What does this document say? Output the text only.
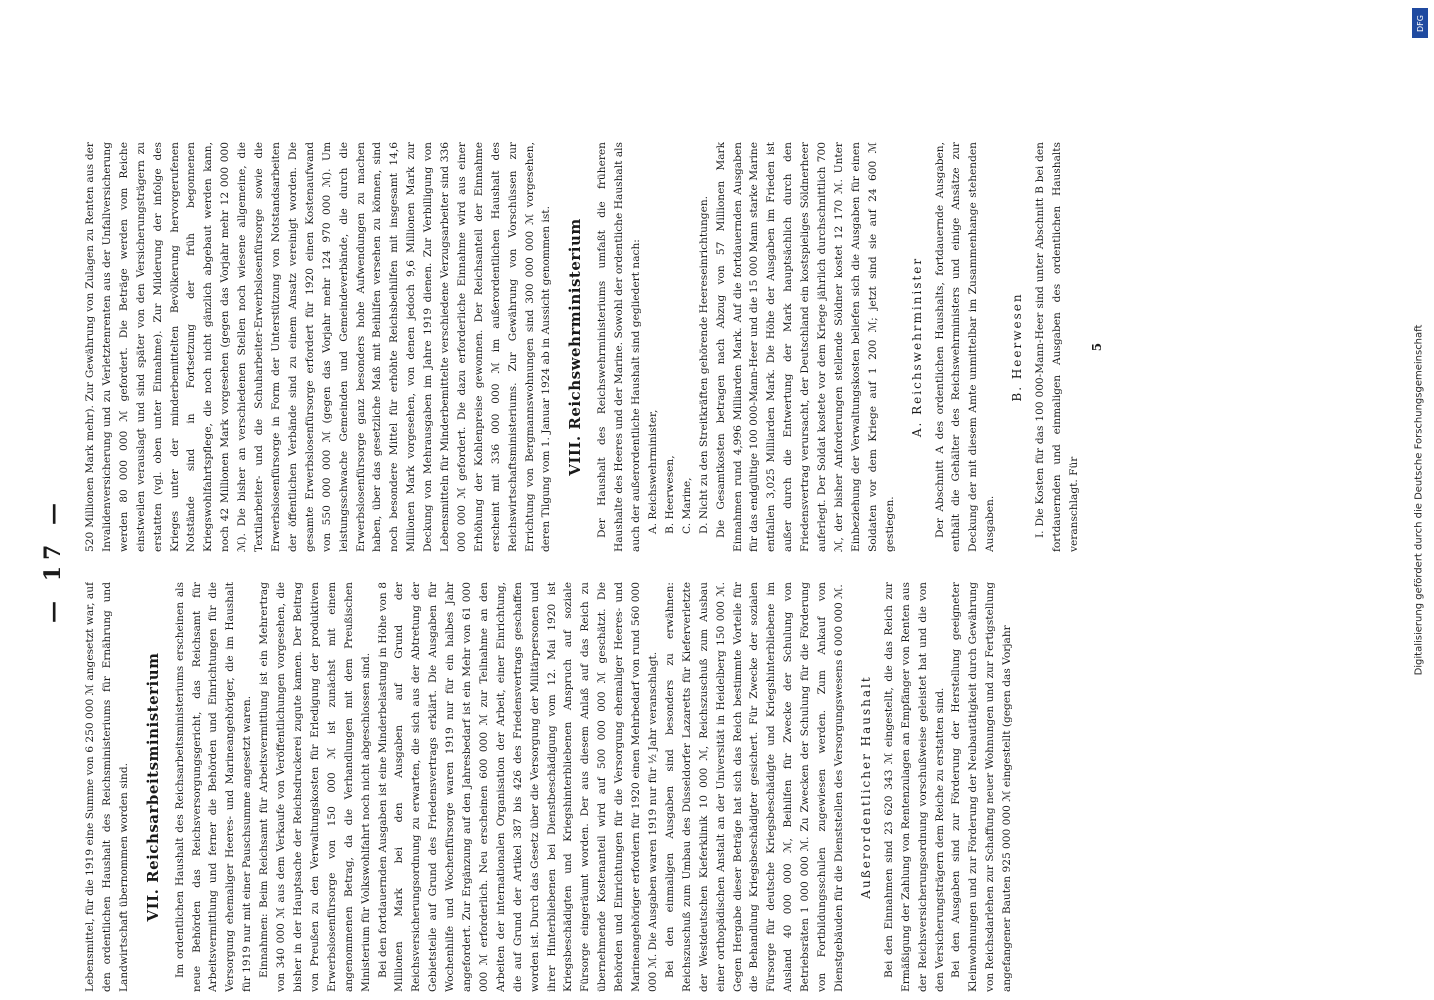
— 17 —

Lebensmittel, für die 1919 eine Summe von 6 250 000 ℳ angesetzt war, auf den ordentlichen Haushalt des Reichsministeriums für Ernährung und Landwirtschaft übernommen worden sind. VII. Reichsarbeitsministerium Im ordentlichen Haushalt des Reichsarbeitsministeriums erscheinen als neue Behörden das Reichsversorgungsgericht, das Reichsamt für Arbeitsvermittlung und ferner die Behörden und Einrichtungen für die Versorgung ehemaliger Heeres- und Marineangehöriger, die im Haushalt für 1919 nur mit einer Pauschsumme angesetzt waren. Einnahmen: Beim Reichsamt für Arbeitsvermittlung ist ein Mehrertrag von 340 000 ℳ aus dem Verkaufe von Veröffentlichungen vorgesehen, die bisher in der Hauptsache der Reichsdruckerei zugute kamen. Der Beitrag von Preußen zu den Verwaltungskosten für Erledigung der produktiven Erwerbslosenfürsorge von 150 000 ℳ ist zunächst mit einem angenommenen Betrag, da die Verhandlungen mit dem Preußischen Ministerium für Volkswohlfahrt noch nicht abgeschlossen sind. Bei den fortdauernden Ausgaben ist eine Minderbelastung in Höhe von 8 Millionen Mark bei den Ausgaben auf Grund der Reichsversicherungsordnung zu erwarten, die sich aus der Abtretung der Gebietsteile auf Grund des Friedensvertrags erklärt. Die Ausgaben für Wochenhilfe und Wochenfürsorge waren 1919 nur für ein halbes Jahr angefordert. Zur Ergänzung auf den Jahresbedarf ist ein Mehr von 61 000 000 ℳ erforderlich. Neu erscheinen 600 000 ℳ zur Teilnahme an den Arbeiten der internationalen Organisation der Arbeit, einer Einrichtung, die auf Grund der Artikel 387 bis 426 des Friedensvertrags geschaffen worden ist. Durch das Gesetz über die Versorgung der Militärpersonen und ihrer Hinterbliebenen bei Dienstbeschädigung vom 12. Mai 1920 ist Kriegsbeschädigten und Kriegshinterbliebenen Anspruch auf soziale Fürsorge eingeräumt worden. Der aus diesem Anlaß auf das Reich zu übernehmende Kostenanteil wird auf 500 000 000 ℳ geschätzt. Die Behörden und Einrichtungen für die Versorgung ehemaliger Heeres- und Marineangehöriger erfordern für 1920 einen Mehrbedarf von rund 560 000 000 ℳ. Die Ausgaben waren 1919 nur für ½ Jahr veranschlagt. Bei den einmaligen Ausgaben sind besonders zu erwähnen: Reichszuschuß zum Umbau des Düsseldorfer Lazaretts für Kieferverletzte der Westdeutschen Kieferklinik 10 000 ℳ, Reichszuschuß zum Ausbau einer orthopädischen Anstalt an der Universität in Heidelberg 150 000 ℳ. Gegen Hergabe dieser Beträge hat sich das Reich bestimmte Vorteile für die Behandlung Kriegsbeschädigter gesichert. Für Zwecke der sozialen Fürsorge für deutsche Kriegsbeschädigte und Kriegshinterbliebene im Ausland 40 000 000 ℳ, Beihilfen für Zwecke der Schulung von Betriebsräten 1 000 000 ℳ. Zu Zwecken der Schulung für die Förderung von Fortbildungsschulen zugewiesen werden. Zum Ankauf von Dienstgebäuden für die Dienststellen des Versorgungswesens 6 000 000 ℳ. Außerordentlicher Haushalt Bei den Einnahmen sind 23 620 343 ℳ eingestellt, die das Reich zur Ermäßigung der Zahlung von Rentenzulagen an Empfänger von Renten aus der Reichsversicherungsordnung vorschußweise geleistet hat und die von den Versicherungsträgern dem Reiche zu erstatten sind. Bei den Ausgaben sind zur Förderung der Herstellung geeigneter Kleinwohnungen und zur Förderung der Neubautätigkeit durch Gewährung von Reichsdarlehen zur Schaffung neuer Wohnungen und zur Fertigstellung angefangener Bauten 925 000 000 ℳ eingestellt (gegen das Vorjahr

520 Millionen Mark mehr). Zur Gewährung von Zulagen zu Renten aus der Invalidenversicherung und zu Verletztenrenten aus der Unfallversicherung werden 80 000 000 ℳ gefordert. Die Beträge werden vom Reiche einstweilen verauslagt und sind später von den Versicherungsträgern zu erstatten (vgl. oben unter Einnahme). Zur Milderung der infolge des Krieges unter der minderbemittelten Bevölkerung hervorgerufenen Notstände sind in Fortsetzung der früh begonnenen Kriegswohlfahrtspflege, die noch nicht gänzlich abgebaut werden kann, noch 42 Millionen Mark vorgesehen (gegen das Vorjahr mehr 12 000 000 ℳ). Die bisher an verschiedenen Stellen noch wiesene allgemeine, die Textilarbeiter- und die Schuharbeiter-Erwerbslosenfürsorge sowie die Erwerbslosenfürsorge in Form der Unterstützung von Notstandsarbeiten der öffentlichen Verbände sind zu einem Ansatz vereinigt worden. Die gesamte Erwerbslosenfürsorge erfordert für 1920 einen Kostenaufwand von 550 000 000 ℳ (gegen das Vorjahr mehr 124 970 000 ℳ). Um leistungsschwache Gemeinden und Gemeindeverbände, die durch die Erwerbslosenfürsorge ganz besonders hohe Aufwendungen zu machen haben, über das gesetzliche Maß mit Beihilfen versehen zu können, sind noch besondere Mittel für erhöhte Reichsbeihilfen mit insgesamt 14,6 Millionen Mark vorgesehen, von denen jedoch 9,6 Millionen Mark zur Deckung von Mehrausgaben im Jahre 1919 dienen. Zur Verbilligung von Lebensmitteln für Minderbemittelte verschiedene Verzugsarbeiter sind 336 000 000 ℳ gefordert. Die dazu erforderliche Einnahme wird aus einer Erhöhung der Kohlenpreise gewonnen. Der Reichsanteil der Einnahme erscheint mit 336 000 000 ℳ im außerordentlichen Haushalt des Reichswirtschaftsministeriums. Zur Gewährung von Vorschüssen zur Errichtung von Bergmannswohnungen sind 300 000 000 ℳ vorgesehen, deren Tilgung vom 1. Januar 1924 ab in Aussicht genommen ist. VIII. Reichswehrministerium Der Haushalt des Reichswehrministeriums umfaßt die früheren Haushalte des Heeres und der Marine. Sowohl der ordentliche Haushalt als auch der außerordentliche Haushalt sind gegliedert nach: A. Reichswehrminister, B. Heerwesen, C. Marine, D. Nicht zu den Streitkräften gehörende Heereseinrichtungen. Die Gesamtkosten betragen nach Abzug von 57 Millionen Mark Einnahmen rund 4,996 Milliarden Mark. Auf die fortdauernden Ausgaben für das endgültige 100 000-Mann-Heer und die 15 000 Mann starke Marine entfallen 3,025 Milliarden Mark. Die Höhe der Ausgaben im Frieden ist außer durch die Entwertung der Mark hauptsächlich durch den Friedensvertrag verursacht, der Deutschland ein kostspieliges Söldnerheer auferlegt. Der Soldat kostete vor dem Kriege jährlich durchschnittlich 700 ℳ, der bisher Anforderungen stellende Söldner kostet 12 170 ℳ. Unter Einbeziehung der Verwaltungskosten beliefen sich die Ausgaben für einen Soldaten vor dem Kriege auf 1 200 ℳ; jetzt sind sie auf 24 600 ℳ gestiegen.

A. Reichswehrminister Der Abschnitt A des ordentlichen Haushalts, fortdauernde Ausgaben, enthält die Gehälter des Reichswehrministers und einige Ansätze zur Deckung der mit diesem Amte unmittelbar im Zusammenhange stehenden Ausgaben.

B. Heerwesen I. Die Kosten für das 100 000-Mann-Heer sind unter Abschnitt B bei den fortdauernden und einmaligen Ausgaben des ordentlichen Haushalts veranschlagt. Für

5	Digitalisierung gefördert durch die Deutsche Forschungsgemeinschaft
DFG
